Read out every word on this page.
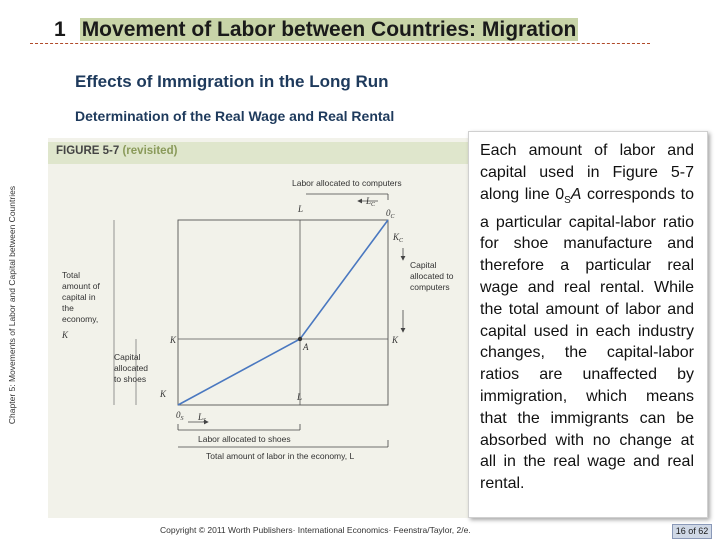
Chapter 5: Movements of Labor and Capital between Countries
1 Movement of Labor between Countries: Migration
Effects of Immigration in the Long Run
Determination of the Real Wage and Real Rental
FIGURE 5-7 (revisited)
Labor allocated to computers
$L_C$
L	$0_C$
A
Total amount of capital in the economy,
K
Capital allocated to shoes
K
K
K
$K_C$
Capital allocated to computers
$0_S$ $L_S$
L
Labor allocated to shoes
Total amount of labor in the economy, L

Each amount of labor and capital used in Figure 5-7 along line $0_SA$ corresponds to a particular capital-labor ratio for shoe manufacture and therefore a particular real wage and real rental. While the total amount of labor and capital used in each industry changes, the capital-labor ratios are unaffected by immigration, which means that the immigrants can be absorbed with no change at all in the real wage and real rental.

Copyright © 2011 Worth Publishers· International Economics· Feenstra/Taylor, 2/e.	16 of 62
